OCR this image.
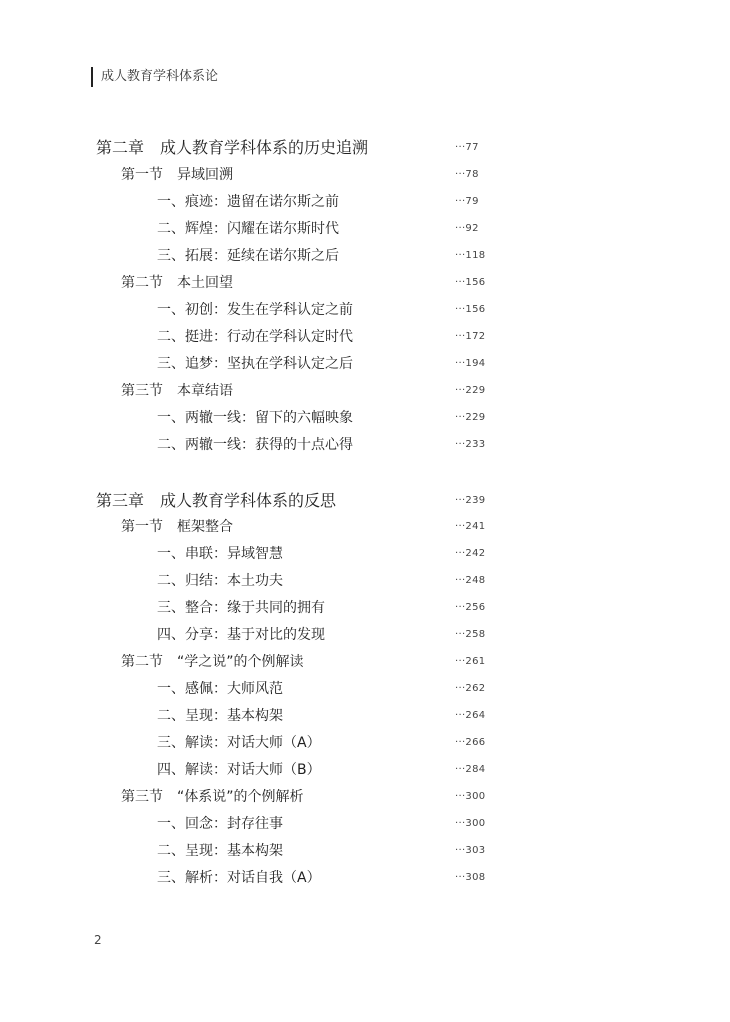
成人教育学科体系论
第二章　成人教育学科体系的历史追溯	···77
第一节　异域回溯	···78
一、痕迹：遗留在诺尔斯之前	···79
二、辉煌：闪耀在诺尔斯时代	···92
三、拓展：延续在诺尔斯之后	···118
第二节　本土回望	···156
一、初创：发生在学科认定之前	···156
二、挺进：行动在学科认定时代	···172
三、追梦：坚执在学科认定之后	···194
第三节　本章结语	···229
一、两辙一线：留下的六幅映象	···229
二、两辙一线：获得的十点心得	···233
第三章　成人教育学科体系的反思	···239
第一节　框架整合	···241
一、串联：异域智慧	···242
二、归结：本土功夫	···248
三、整合：缘于共同的拥有	···256
四、分享：基于对比的发现	···258
第二节　“学之说”的个例解读	···261
一、感佩：大师风范	···262
二、呈现：基本构架	···264
三、解读：对话大师（A）	···266
四、解读：对话大师（B）	···284
第三节　“体系说”的个例解析	···300
一、回念：封存往事	···300
二、呈现：基本构架	···303
三、解析：对话自我（A）	···308
2
